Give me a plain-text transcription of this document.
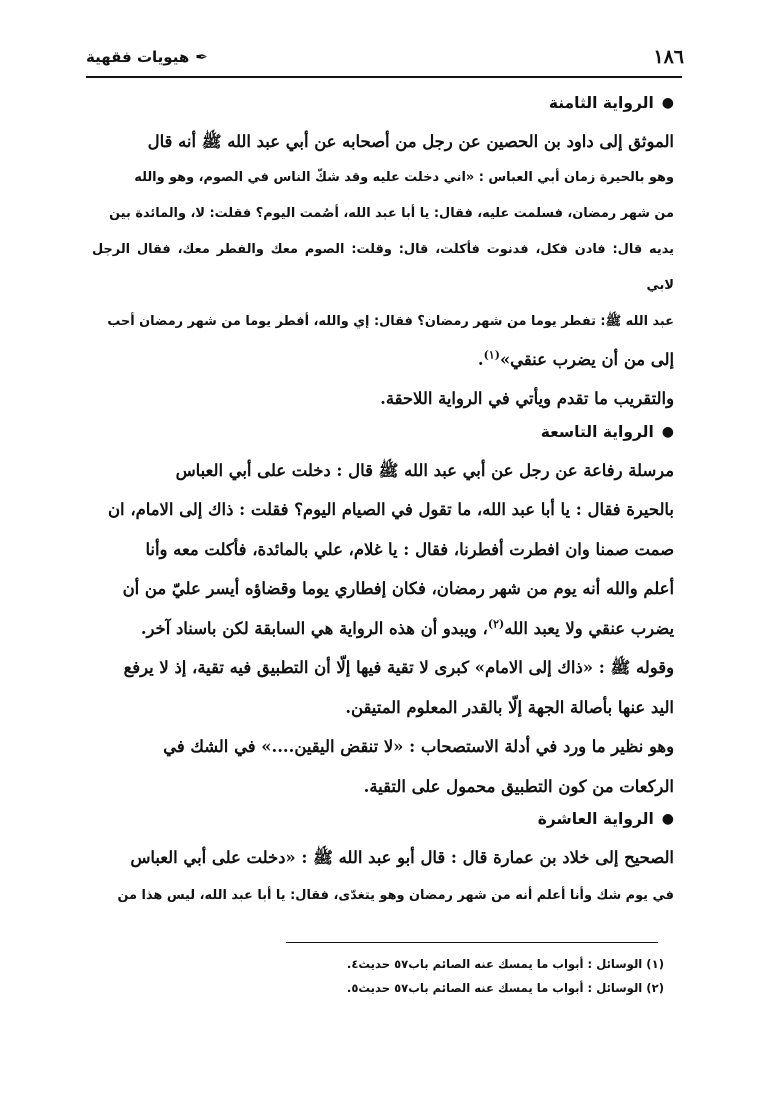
١٨٦
✒
هيويات فقهية
●
الرواية الثامنة

الموثق إلى داود بن الحصين عن رجل من أصحابه عن أبي عبد الله ﷺ أنه قال

وهو بالحيرة زمان أبي العباس : «اني دخلت عليه وقد شكّ الناس في الصوم، وهو والله

من شهر رمضان، فسلمت عليه، فقال: يا أبا عبد الله، أصُمت اليوم؟ فقلت: لا، والمائدة بين

يديه قال: فادن فكل، فدنوت فأكلت، قال: وقلت: الصوم معك والفطر معك، فقال الرجل لابي

عبد الله ﷺ: تفطر يوما من شهر رمضان؟ فقال: إي والله، أفطر يوما من شهر رمضان أحب

إلى من أن يضرب عنقي»$^{(١)}$.

والتقريب ما تقدم ويأتي في الرواية اللاحقة.

●
الرواية التاسعة

مرسلة رفاعة عن رجل عن أبي عبد الله ﷺ قال : دخلت على أبي العباس

بالحيرة فقال : يا أبا عبد الله، ما تقول في الصيام اليوم؟ فقلت : ذاك إلى الامام، ان

صمت صمنا وان افطرت أفطرنا، فقال : يا غلام، علي بالمائدة، فأكلت معه وأنا

أعلم والله أنه يوم من شهر رمضان، فكان إفطاري يوما وقضاؤه أيسر عليّ من أن

يضرب عنقي ولا يعبد الله$^{(٢)}$، ويبدو أن هذه الرواية هي السابقة لكن باسناد آخر.

وقوله ﷺ : «ذاك إلى الامام» كبرى لا تقية فيها إلّا أن التطبيق فيه تقية، إذ لا يرفع

اليد عنها بأصالة الجهة إلّا بالقدر المعلوم المتيقن.

وهو نظير ما ورد في أدلة الاستصحاب : «لا تنقض اليقين....» في الشك في

الركعات من كون التطبيق محمول على التقية.

●
الرواية العاشرة

الصحيح إلى خلاد بن عمارة قال : قال أبو عبد الله ﷺ : «دخلت على أبي العباس

في يوم شك وأنا أعلم أنه من شهر رمضان وهو يتغدّى، فقال: يا أبا عبد الله، ليس هذا من

(١) الوسائل : أبواب ما يمسك عنه الصائم باب٥٧ حديث٤.

(٢) الوسائل : أبواب ما يمسك عنه الصائم باب٥٧ حديث٥.
